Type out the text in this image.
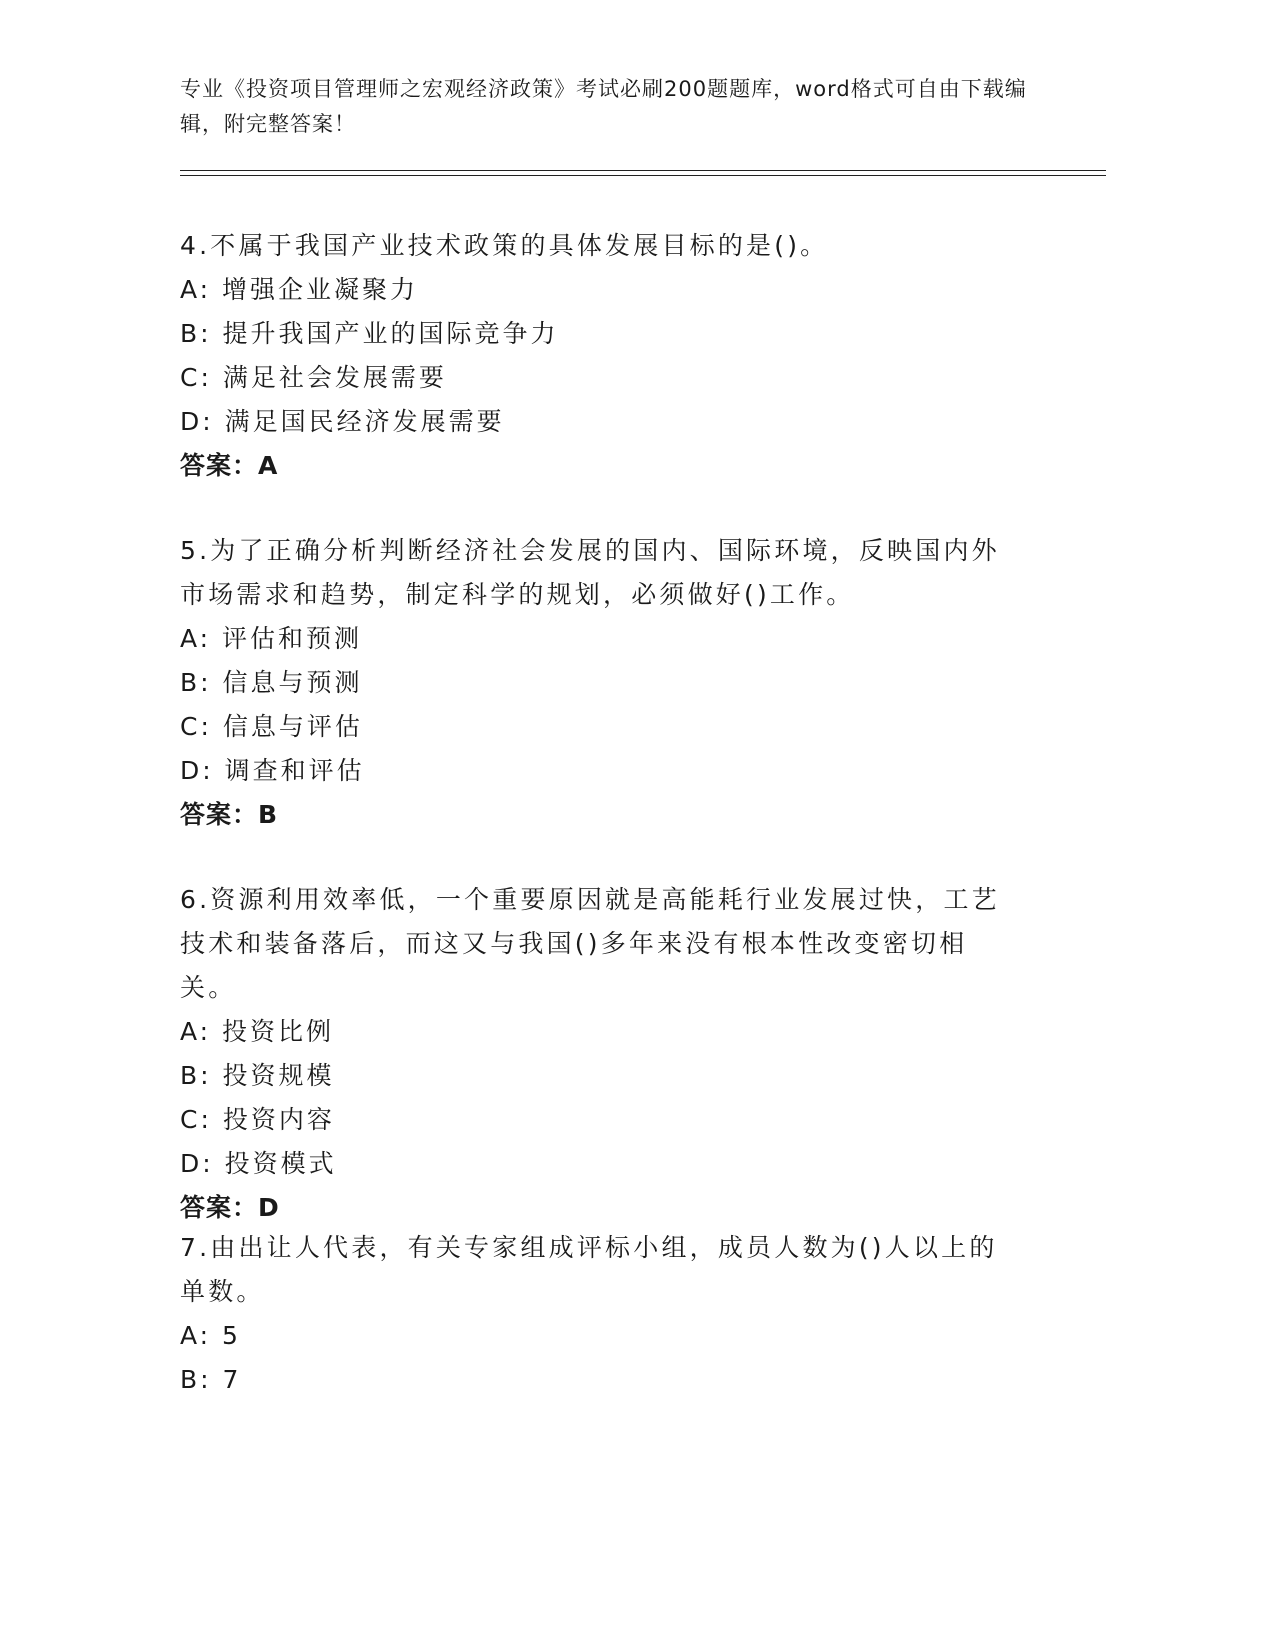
专业《投资项目管理师之宏观经济政策》考试必刷200题题库，word格式可自由下载编辑，附完整答案！
4.不属于我国产业技术政策的具体发展目标的是()。
A: 增强企业凝聚力
B: 提升我国产业的国际竞争力
C: 满足社会发展需要
D: 满足国民经济发展需要
答案：A
5.为了正确分析判断经济社会发展的国内、国际环境，反映国内外市场需求和趋势，制定科学的规划，必须做好()工作。
A: 评估和预测
B: 信息与预测
C: 信息与评估
D: 调查和评估
答案：B
6.资源利用效率低，一个重要原因就是高能耗行业发展过快，工艺技术和装备落后，而这又与我国()多年来没有根本性改变密切相关。
A: 投资比例
B: 投资规模
C: 投资内容
D: 投资模式
答案：D
7.由出让人代表，有关专家组成评标小组，成员人数为()人以上的单数。
A: 5
B: 7
